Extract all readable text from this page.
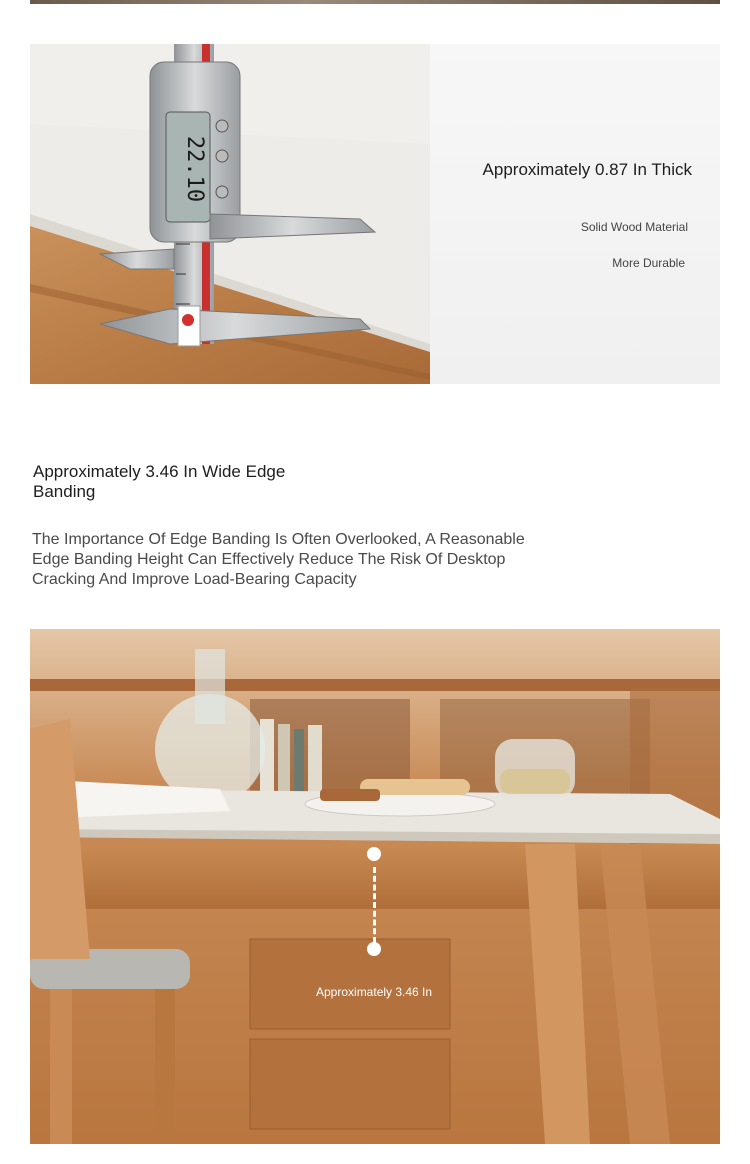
22.10	Approximately 0.87 In Thick
Solid Wood Material
More Durable
Approximately 3.46 In Wide Edge Banding
The Importance Of Edge Banding Is Often Overlooked, A Reasonable Edge Banding Height Can Effectively Reduce The Risk Of Desktop Cracking And Improve Load-Bearing Capacity
Approximately 3.46 In
